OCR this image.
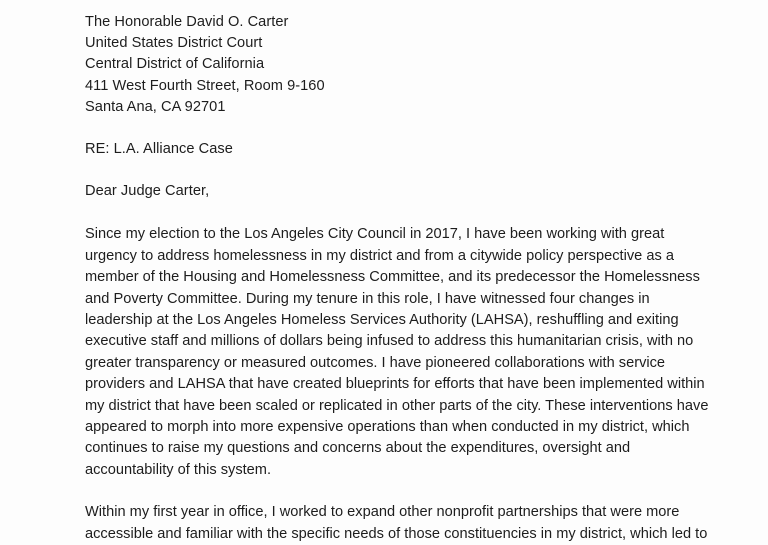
The Honorable David O. Carter
United States District Court
Central District of California
411 West Fourth Street, Room 9-160
Santa Ana, CA 92701
RE: L.A. Alliance Case
Dear Judge Carter,

Since my election to the Los Angeles City Council in 2017, I have been working with great urgency to address homelessness in my district and from a citywide policy perspective as a member of the Housing and Homelessness Committee, and its predecessor the Homelessness and Poverty Committee. During my tenure in this role, I have witnessed four changes in leadership at the Los Angeles Homeless Services Authority (LAHSA), reshuffling and exiting executive staff and millions of dollars being infused to address this humanitarian crisis, with no greater transparency or measured outcomes. I have pioneered collaborations with service providers and LAHSA that have created blueprints for efforts that have been implemented within my district that have been scaled or replicated in other parts of the city. These interventions have appeared to morph into more expensive operations than when conducted in my district, which continues to raise my questions and concerns about the expenditures, oversight and accountability of this system.

Within my first year in office, I worked to expand other nonprofit partnerships that were more accessible and familiar with the specific needs of those constituencies in my district, which led to
